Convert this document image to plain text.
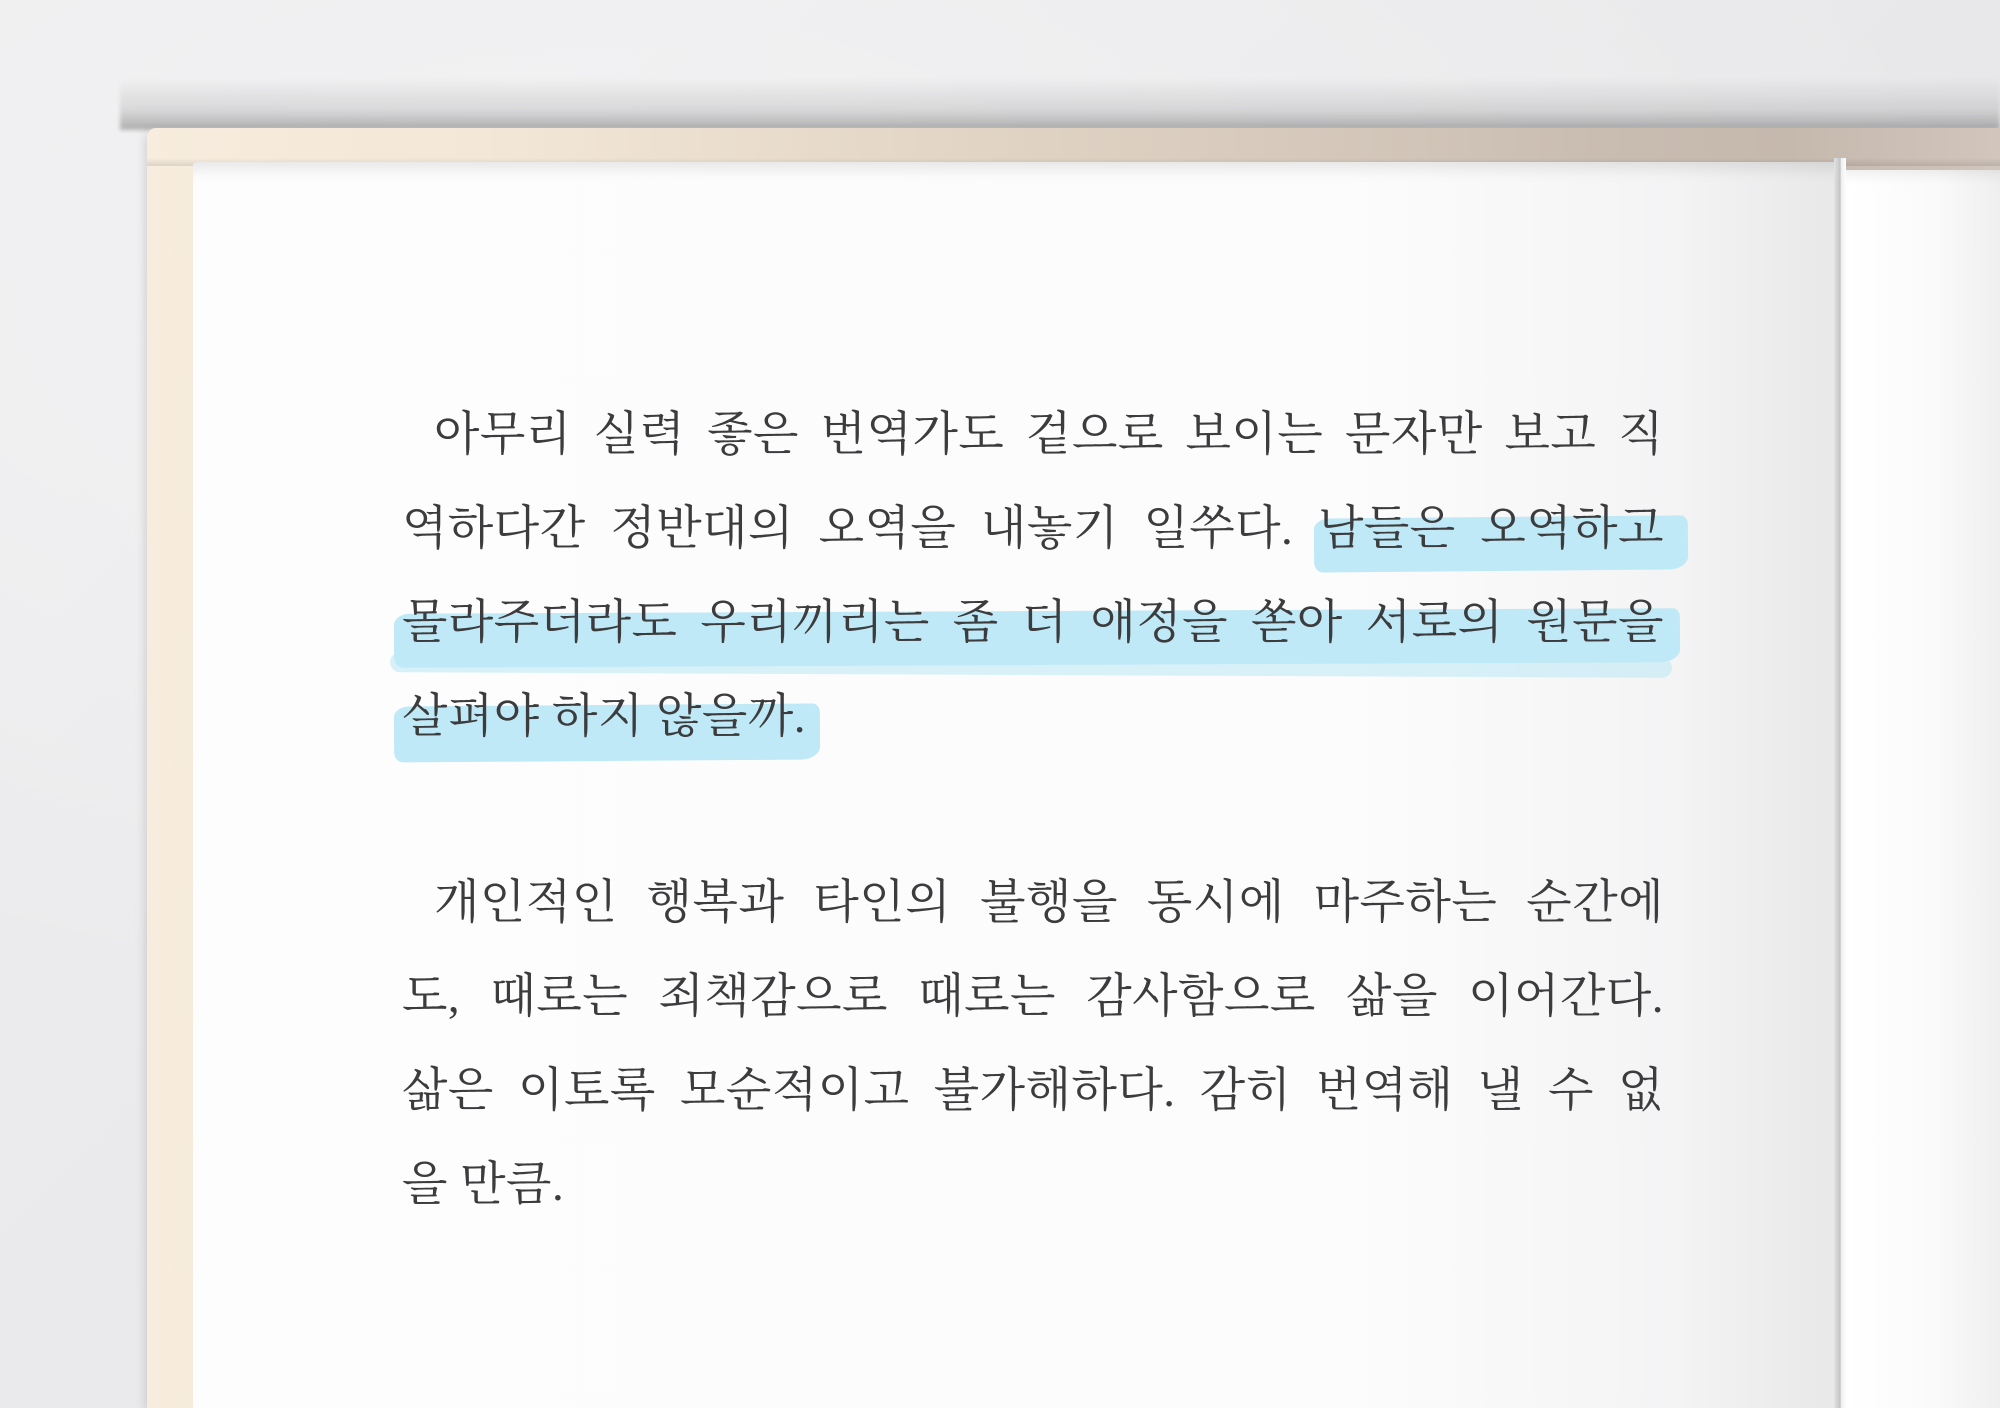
아무리 실력 좋은 번역가도 겉으로 보이는 문자만 보고 직
역하다간 정반대의 오역을 내놓기 일쑤다. 남들은 오역하고
몰라주더라도 우리끼리는 좀 더 애정을 쏟아 서로의 원문을
살펴야 하지 않을까.
개인적인 행복과 타인의 불행을 동시에 마주하는 순간에
도, 때로는 죄책감으로 때로는 감사함으로 삶을 이어간다.
삶은 이토록 모순적이고 불가해하다. 감히 번역해 낼 수 없
을 만큼.
